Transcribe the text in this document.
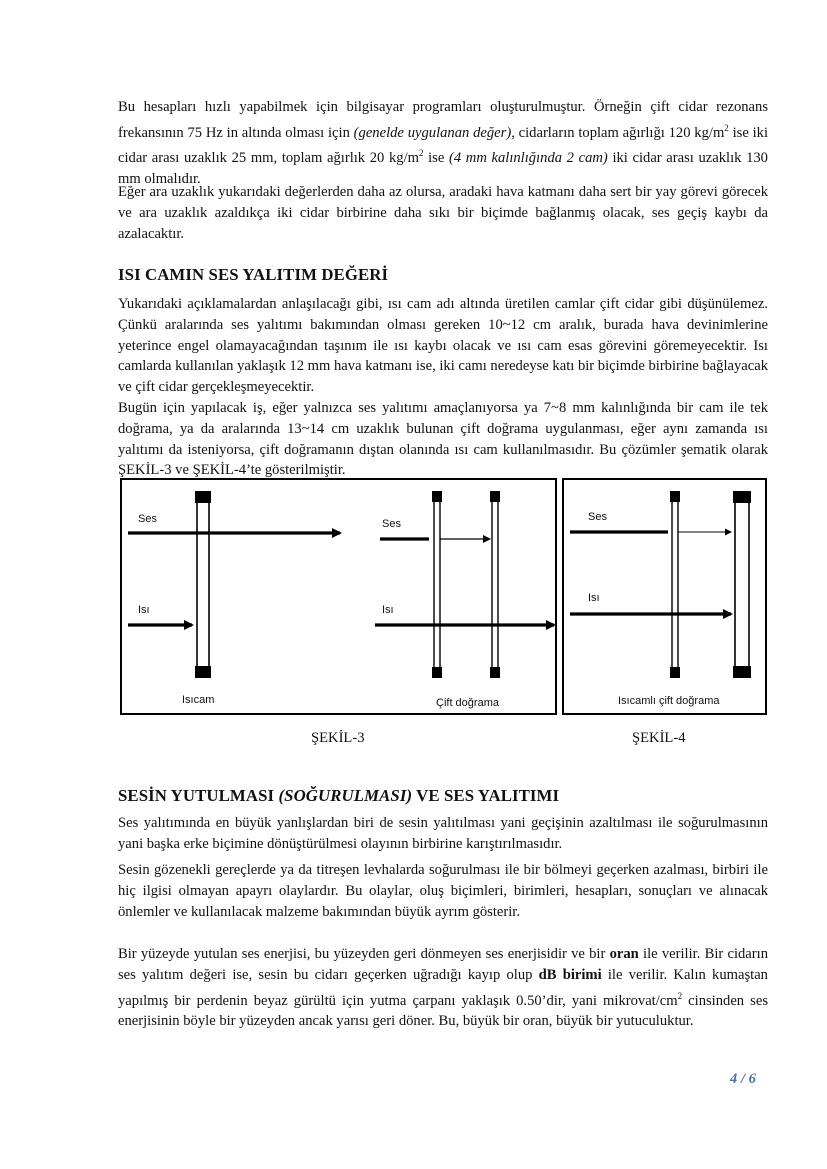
Bu hesapları hızlı yapabilmek için bilgisayar programları oluşturulmuştur. Örneğin çift cidar rezonans frekansının 75 Hz in altında olması için (genelde uygulanan değer), cidarların toplam ağırlığı 120 $kg/m^2$ ise iki cidar arası uzaklık 25 mm, toplam ağırlık 20 $kg/m^2$ ise (4 mm kalınlığında 2 cam) iki cidar arası uzaklık 130 mm olmalıdır.

Eğer ara uzaklık yukarıdaki değerlerden daha az olursa, aradaki hava katmanı daha sert bir yay görevi görecek ve ara uzaklık azaldıkça iki cidar birbirine daha sıkı bir biçimde bağlanmış olacak, ses geçiş kaybı da azalacaktır.

ISI CAMIN SES YALITIM DEĞERİ

Yukarıdaki açıklamalardan anlaşılacağı gibi, ısı cam adı altında üretilen camlar çift cidar gibi düşünülemez. Çünkü aralarında ses yalıtımı bakımından olması gereken 10~12 cm aralık, burada hava devinimlerine yeterince engel olamayacağından taşınım ile ısı kaybı olacak ve ısı cam esas görevini göremeyecektir. Isı camlarda kullanılan yaklaşık 12 mm hava katmanı ise, iki camı neredeyse katı bir biçimde birbirine bağlayacak ve çift cidar gerçekleşmeyecektir.

Bugün için yapılacak iş, eğer yalnızca ses yalıtımı amaçlanıyorsa ya 7~8 mm kalınlığında bir cam ile tek doğrama, ya da aralarında 13~14 cm uzaklık bulunan çift doğrama uygulanması, eğer aynı zamanda ısı yalıtımı da isteniyorsa, çift doğramanın dıştan olanında ısı cam kullanılmasıdır. Bu çözümler şematik olarak ŞEKİL-3 ve ŞEKİL-4’te gösterilmiştir.

Ses
Isı
Isıcam
Ses
Isı
Çift doğrama
Ses
Isı
Isıcamlı çift doğrama
ŞEKİL-3	ŞEKİL-4
SESİN YUTULMASI (SOĞURULMASI) VE SES YALITIMI

Ses yalıtımında en büyük yanlışlardan biri de sesin yalıtılması yani geçişinin azaltılması ile soğurulmasının yani başka erke biçimine dönüştürülmesi olayının birbirine karıştırılmasıdır.

Sesin gözenekli gereçlerde ya da titreşen levhalarda soğurulması ile bir bölmeyi geçerken azalması, birbiri ile hiç ilgisi olmayan apayrı olaylardır. Bu olaylar, oluş biçimleri, birimleri, hesapları, sonuçları ve alınacak önlemler ve kullanılacak malzeme bakımından büyük ayrım gösterir.

Bir yüzeyde yutulan ses enerjisi, bu yüzeyden geri dönmeyen ses enerjisidir ve bir oran ile verilir. Bir cidarın ses yalıtım değeri ise, sesin bu cidarı geçerken uğradığı kayıp olup dB birimi ile verilir. Kalın kumaştan yapılmış bir perdenin beyaz gürültü için yutma çarpanı yaklaşık 0.50’dir, yani mikrovat/$cm^2$ cinsinden ses enerjisinin böyle bir yüzeyden ancak yarısı geri döner. Bu, büyük bir oran, büyük bir yutuculuktur.

4 / 6
